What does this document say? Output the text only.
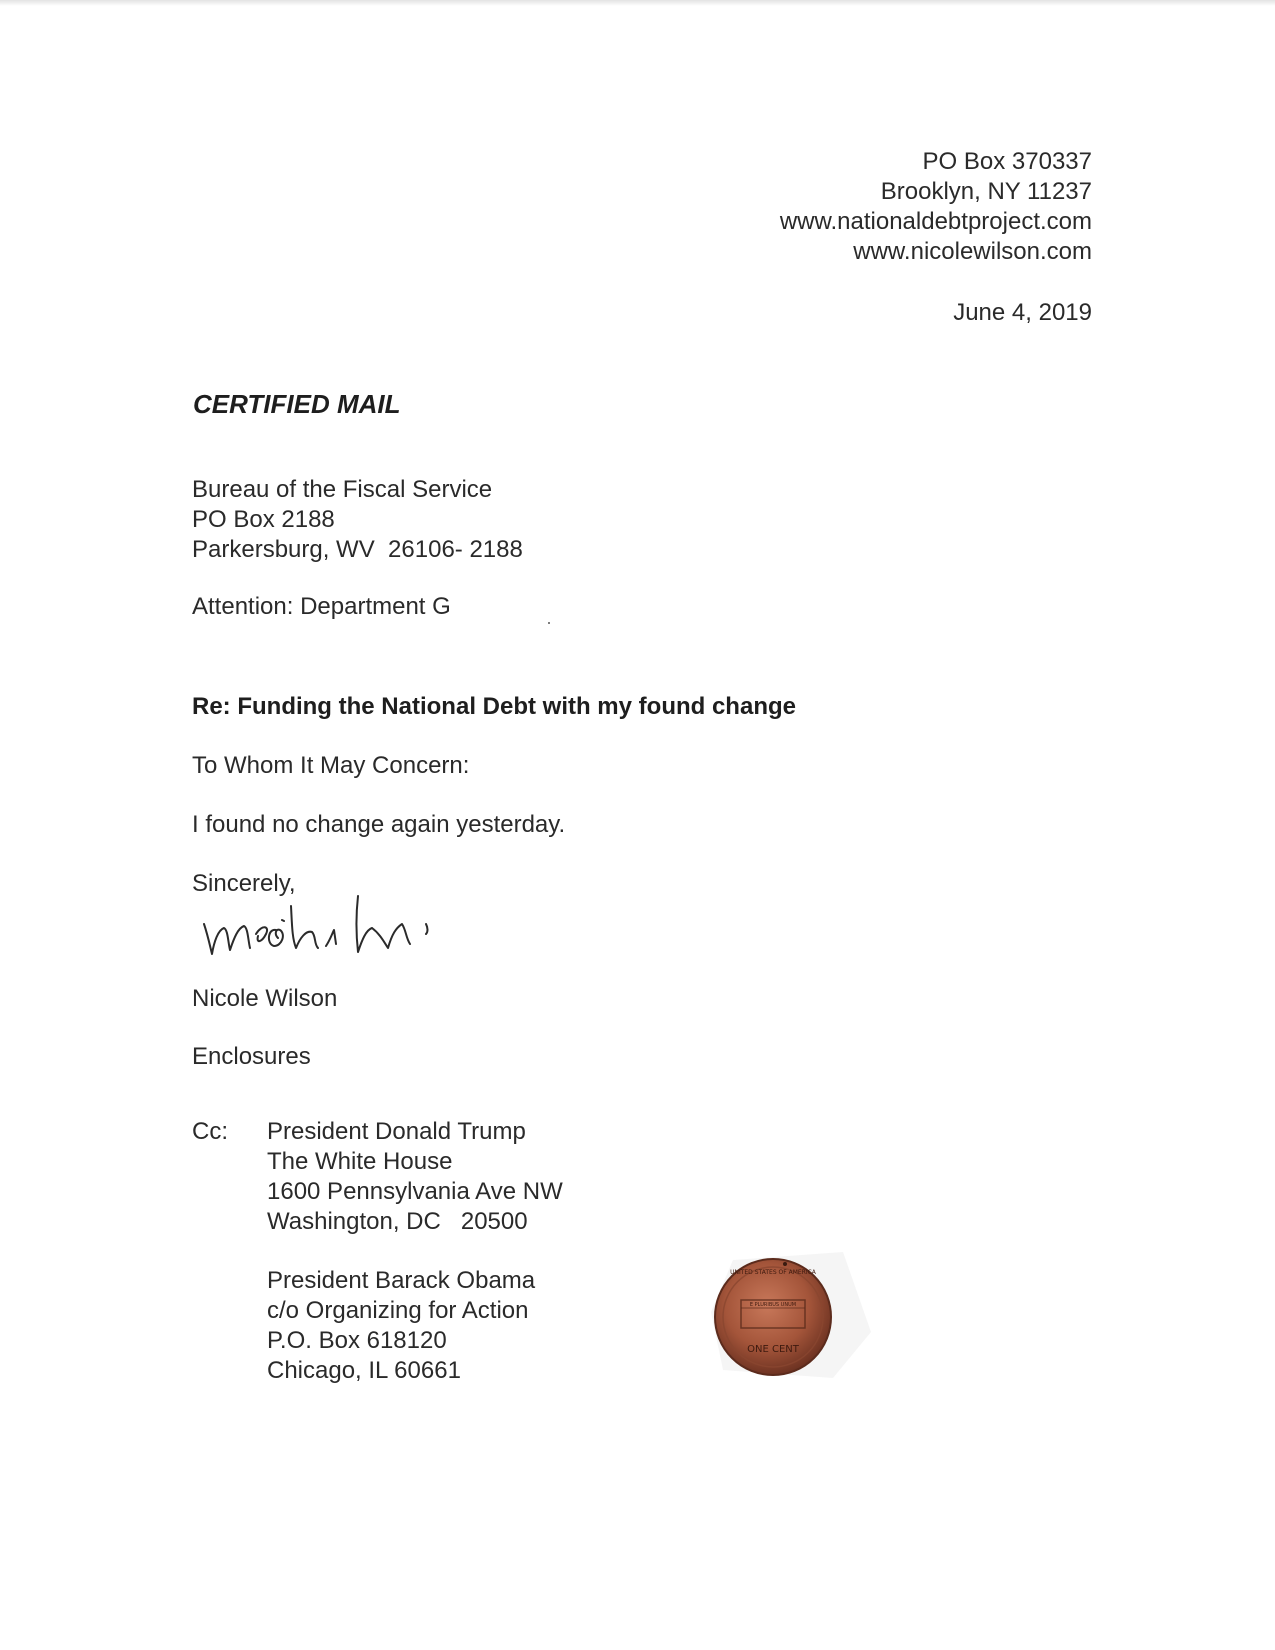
PO Box 370337
Brooklyn, NY 11237
www.nationaldebtproject.com
www.nicolewilson.com
June 4, 2019
CERTIFIED MAIL
Bureau of the Fiscal Service
PO Box 2188
Parkersburg, WV  26106- 2188
Attention: Department G
Re: Funding the National Debt with my found change
To Whom It May Concern:
I found no change again yesterday.
Sincerely,
Nicole Wilson
Enclosures
Cc: President Donald Trump
The White House
1600 Pennsylvania Ave NW
Washington, DC   20500
President Barack Obama
c/o Organizing for Action
P.O. Box 618120
Chicago, IL 60661
E PLURIBUS UNUM
UNITED STATES OF AMERICA
ONE CENT
